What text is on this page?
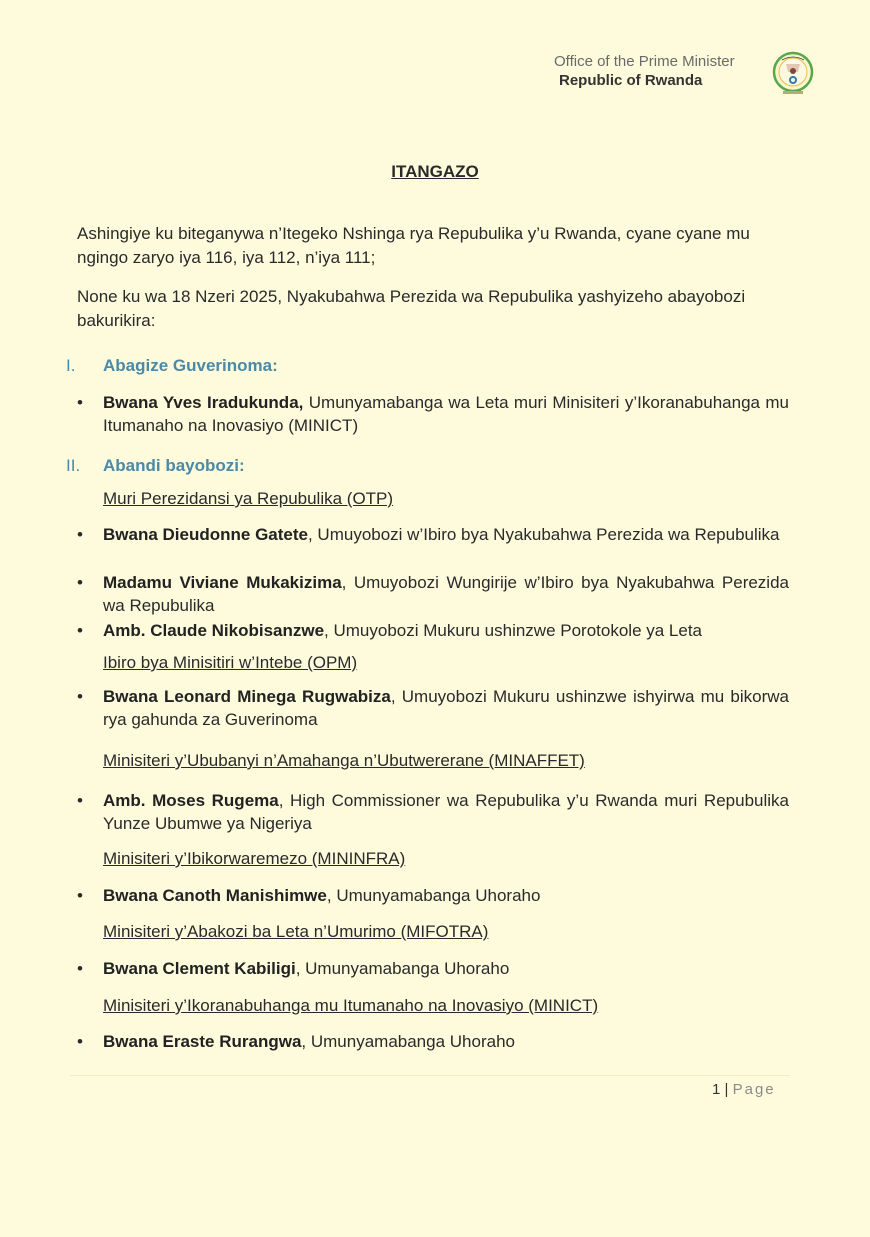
Office of the Prime Minister
Republic of Rwanda
ITANGAZO
Ashingiye ku biteganywa n’Itegeko Nshinga rya Repubulika y’u Rwanda, cyane cyane mu ngingo zaryo iya 116, iya 112, n’iya 111;
None ku wa 18 Nzeri 2025, Nyakubahwa Perezida wa Repubulika yashyizeho abayobozi bakurikira:
I. Abagize Guverinoma:
•	Bwana Yves Iradukunda, Umunyamabanga wa Leta muri Minisiteri y’Ikoranabuhanga mu Itumanaho na Inovasiyo (MINICT)
II. Abandi bayobozi:
Muri Perezidansi ya Repubulika (OTP)
•	Bwana Dieudonne Gatete, Umuyobozi w’Ibiro bya Nyakubahwa Perezida wa Repubulika
•	Madamu Viviane Mukakizima, Umuyobozi Wungirije w’Ibiro bya Nyakubahwa Perezida wa Repubulika
•	Amb. Claude Nikobisanzwe, Umuyobozi Mukuru ushinzwe Porotokole ya Leta
Ibiro bya Minisitiri w’Intebe (OPM)
•	Bwana Leonard Minega Rugwabiza, Umuyobozi Mukuru ushinzwe ishyirwa mu bikorwa rya gahunda za Guverinoma
Minisiteri y’Ububanyi n’Amahanga n’Ubutwererane (MINAFFET)
•	Amb. Moses Rugema, High Commissioner wa Repubulika y’u Rwanda muri Repubulika Yunze Ubumwe ya Nigeriya
Minisiteri y’Ibikorwaremezo (MININFRA)
•	Bwana Canoth Manishimwe, Umunyamabanga Uhoraho
Minisiteri y’Abakozi ba Leta n’Umurimo (MIFOTRA)
•	Bwana Clement Kabiligi, Umunyamabanga Uhoraho
Minisiteri y’Ikoranabuhanga mu Itumanaho na Inovasiyo (MINICT)
•	Bwana Eraste Rurangwa, Umunyamabanga Uhoraho
1 | Page
